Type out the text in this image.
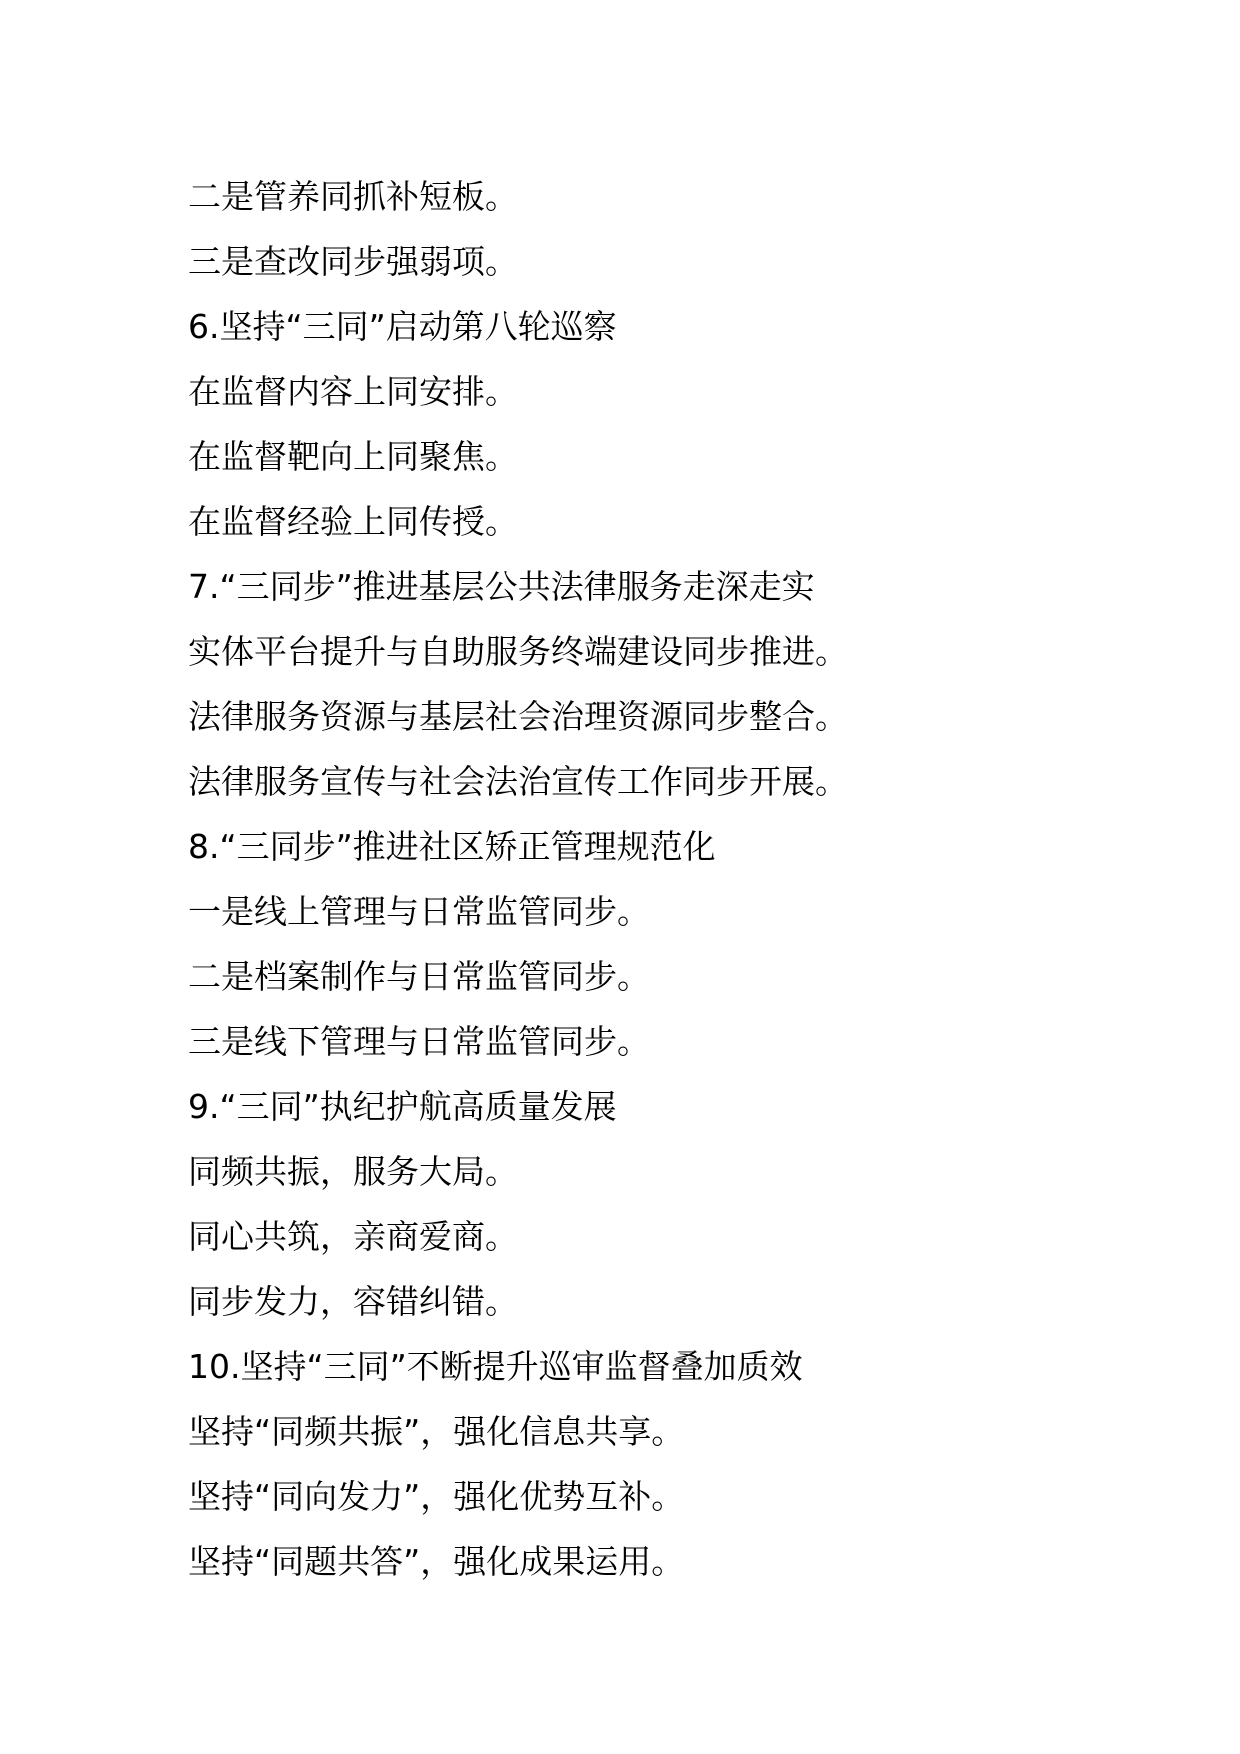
二是管养同抓补短板。
三是查改同步强弱项。
6.坚持“三同”启动第八轮巡察
在监督内容上同安排。
在监督靶向上同聚焦。
在监督经验上同传授。
7.“三同步”推进基层公共法律服务走深走实
实体平台提升与自助服务终端建设同步推进。
法律服务资源与基层社会治理资源同步整合。
法律服务宣传与社会法治宣传工作同步开展。
8.“三同步”推进社区矫正管理规范化
一是线上管理与日常监管同步。
二是档案制作与日常监管同步。
三是线下管理与日常监管同步。
9.“三同”执纪护航高质量发展
同频共振，服务大局。
同心共筑，亲商爱商。
同步发力，容错纠错。
10.坚持“三同”不断提升巡审监督叠加质效
坚持“同频共振”，强化信息共享。
坚持“同向发力”，强化优势互补。
坚持“同题共答”，强化成果运用。
